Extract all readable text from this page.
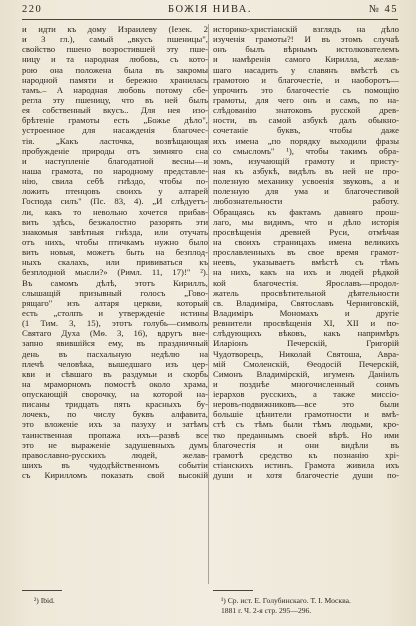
220	БОЖІЯ НИВА.	№ 45
и идти къ дому Израилеву (Іезек. 2
и 3 гл.), самый „вкусъ пшеницы",
свойство пшено возростившей эту пше-
ницу и та народная любовь, съ кото-
рою она положена была въ закромы
народной памяти и бережно хранилась
тамъ.– А народная любовь потому сбе-
регла эту пшеницу, что въ ней былъ
ея собственный вкусъ.. Для нея изо-
брѣтеніе грамоты есть „Божье дѣло",
устроенное для насажденія благочес-
тія. „Какъ ласточка, возвѣщающая
пробужденіе природы отъ зимняго сна
и наступленіе благодатной весны—и
наша грамота, по народному представле-
нію, свила себѣ гнѣздо, чтобы по-
ложить птенцовъ своихъ у алтарей
Господа силъ" (Пс. 83, 4). „И слѣдуетъ-
ли, какъ то невольно хочется прибав-
вить здѣсь, безжалостно разорять эти
знакомыя завѣтныя гнѣзда, или отучать
отъ нихъ, чтобы птичкамъ нужно было
вить новыя, можетъ быть на безплод-
ныхъ скалахъ, или прививаться къ
безплодной мысли?» (Римл. 11, 17)!" ²).
Въ самомъ дѣлѣ, этотъ Кириллъ,
слышащій призывный голосъ „Гово-
рящаго" изъ алтаря церкви, который
есть „столпъ и утвержденіе истины
(1 Тим. 3, 15), этотъ голубь—символъ
Святаго Духа (Мѳ. 3, 16), вдругъ вне-
запно явившійся ему, въ праздничный
день въ пасхальную недѣлю на
плечѣ человѣка, вышедшаго изъ цер-
кви и сѣвшаго въ раздумьи и скорбь
на мраморномъ помостѣ около храма,
опускающій сворочку, на которой на-
писаны тридцать пять красныхъ бу-
лочекъ, по числу буквъ алфавита,
это вложеніе ихъ за пазуху и затѣмъ
таинственная пропажа ихъ—развѣ все
это не выраженіе задушевныхъ думъ
православно-русскихъ людей, желав-
шихъ въ чудодѣйственномъ событіи
съ Кирилломъ показать свой высокій
историко-христіанскій взглядъ на дѣло
изученія грамоты?! И въ этомъ случаѣ
онъ былъ вѣрнымъ истолкователемъ
и намѣренія самого Кирилла, желав-
шаго насадить у славянъ вмѣстѣ съ
грамотою и благочестіе, и наоборотъ—
упрочить это благочестіе съ помощію
грамоты, для чего онъ и самъ, по на-
слѣдованію знатоковъ русской древ-
ности, въ самой азбукѣ далъ обыкно-
сочетаніе буквъ, чтобы даже
ихъ имена „по порядку выходили фразы
со смысломъ" ¹), чтобы такимъ обра-
зомъ, изучающій грамоту и присту-
ная къ азбукѣ, видѣлъ въ ней не про-
полезную механику усвоенія звуковъ, а и
полезную для ума и благочестивой
любознательности работу.
Обращаясь къ фактамъ давняго прош-
лаго, мы видимъ, что и дѣло исторія
просвѣщенія древней Руси, отмѣчая
на своихъ страницахъ имена великихъ
прославленныхъ въ свое время грамот-
неевъ, указываетъ вмѣстѣ съ тѣмъ
на нихъ, какъ на ихъ и людей рѣдкой
кой благочестія. Ярославъ—продол-
жатель просвѣтительной дѣятельности
св. Владиміра, Святославъ Черниговскій,
Владиміръ Мономахъ и другіе
ревнители просвѣщенія XI, XII и по-
слѣдующихъ вѣковъ, какъ напримѣръ
Иларіонъ Печерскій, Григорій
Чудотворецъ, Николай Святоша, Авра-
мій Смоленскій, Ѳеодосій Печерскій,
Симонъ Владимірскій, игуменъ Даніилъ
и позднѣе многочисленный сонмъ
іерархов русскихъ, а также миссіо-
неровъ-подвижниковъ—все это были
большіе цѣнители грамотности и вмѣ-
стѣ съ тѣмъ были тѣмъ людьми, кро-
тко преданнымъ своей вѣрѣ. Но ими
благочестія и они видѣли въ
грамотѣ средство къ познанію хрі-
стіанскихъ истинъ. Грамота живила ихъ
души и хотя благочестіе души по-
²) Ibid.	¹) Ср. ист. Е. Голубинскаго. Т. I. Москва.
1881 г. Ч. 2-я стр. 295—296.
